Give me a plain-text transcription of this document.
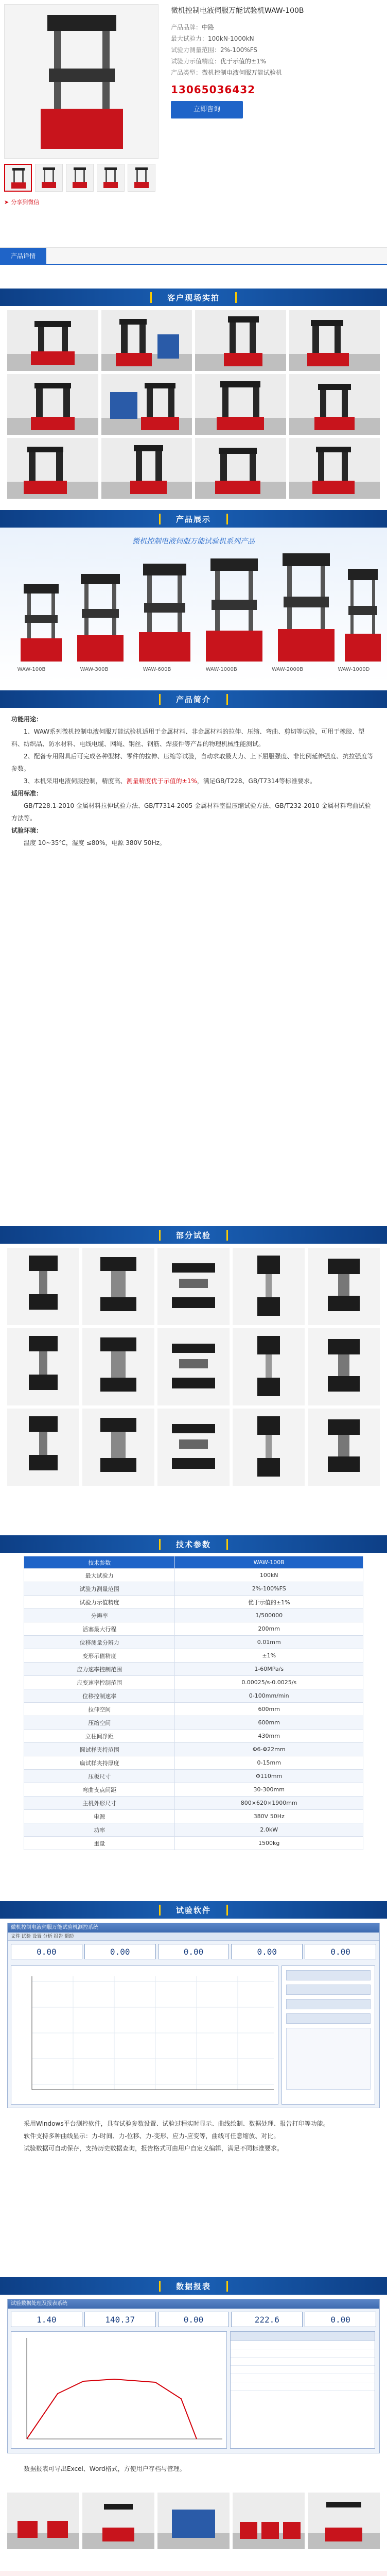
➤ 分享到微信
微机控制电液伺服万能试验机WAW-100B
产品品牌：中路
最大试验力：100kN-1000kN
试验力测量范围：2%-100%FS
试验力示值精度：优于示值的±1%
产品类型：微机控制电液伺服万能试验机
13065036432
立即咨询
产品详情
客户现场实拍
产品展示
微机控制电液伺服万能试验机系列产品
WAW-100B	WAW-300B	WAW-600B	WAW-1000B	WAW-2000B	WAW-1000D
产品简介

功能用途：

1、WAW系列微机控制电液伺服万能试验机适用于金属材料、非金属材料的拉伸、压缩、弯曲、剪切等试验，可用于橡胶、塑料、纺织品、防水材料、电线电缆、网绳、钢丝、钢筋、焊接件等产品的物理机械性能测试。

2、配备专用附具后可完成各种型材、零件的拉伸、压缩等试验，自动求取最大力、上下屈服强度、非比例延伸强度、抗拉强度等参数。

3、本机采用电液伺服控制，精度高、测量精度优于示值的±1%，满足GB/T228、GB/T7314等标准要求。

适用标准：

GB/T228.1-2010 金属材料拉伸试验方法、GB/T7314-2005 金属材料室温压缩试验方法、GB/T232-2010 金属材料弯曲试验方法等。

试验环境：

温度 10~35℃，湿度 ≤80%，电源 380V 50Hz。

部分试验
技术参数
技术参数	WAW-100B
最大试验力	100kN
试验力测量范围	2%-100%FS
试验力示值精度	优于示值的±1%
分辨率	1/500000
活塞最大行程	200mm
位移测量分辨力	0.01mm
变形示值精度	±1%
应力速率控制范围	1-60MPa/s
应变速率控制范围	0.00025/s-0.0025/s
位移控制速率	0-100mm/min
拉伸空间	600mm
压缩空间	600mm
立柱间净距	430mm
圆试样夹持范围	Φ6-Φ22mm
扁试样夹持厚度	0-15mm
压板尺寸	Φ110mm
弯曲支点间距	30-300mm
主机外形尺寸	800×620×1900mm
电源	380V 50Hz
功率	2.0kW
重量	1500kg
试验软件
微机控制电液伺服万能试验机测控系统
文件 试验 设置 分析 报告 帮助
0.00	0.00	0.00	0.00	0.00

采用Windows平台测控软件，具有试验参数设置、试验过程实时显示、曲线绘制、数据处理、报告打印等功能。

软件支持多种曲线显示：力-时间、力-位移、力-变形、应力-应变等，曲线可任意缩放、对比。

试验数据可自动保存，支持历史数据查询，报告格式可由用户自定义编辑，满足不同标准要求。

数据报表
试验数据处理及报表系统
1.40	140.37	0.00	222.6	0.00

数据报表可导出Excel、Word格式，方便用户存档与管理。
